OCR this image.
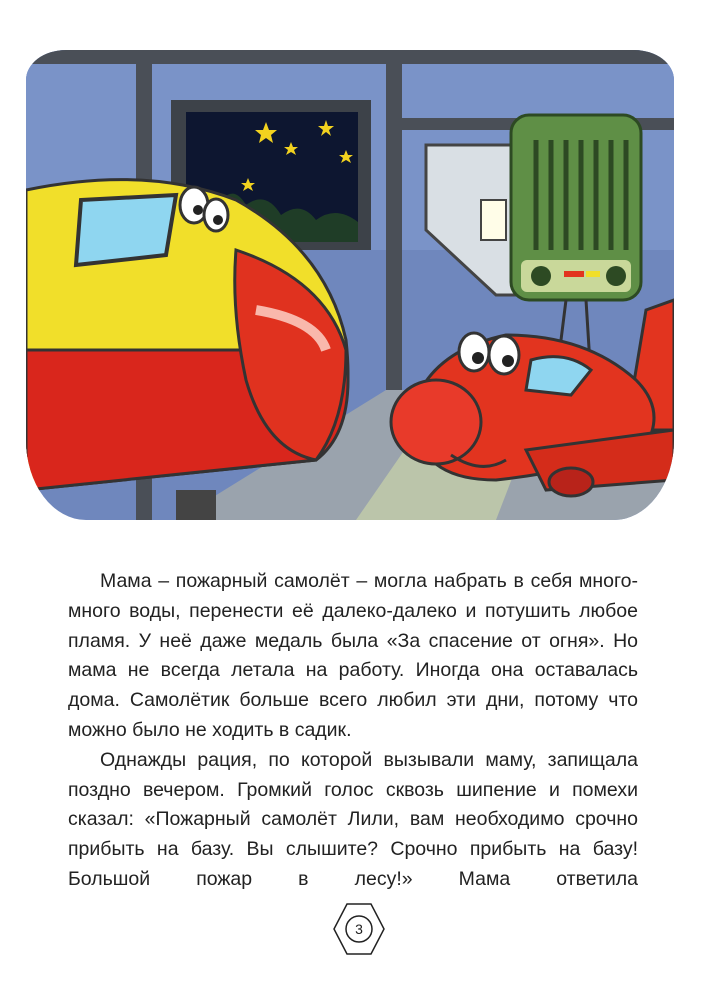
Мама – пожарный самолёт – могла набрать в себя много-много воды, перенести её далеко-далеко и потушить любое пламя. У неё даже медаль была «За спасение от огня». Но мама не всегда летала на работу. Иногда она оставалась дома. Самолётик больше всего любил эти дни, потому что можно было не ходить в садик.

Однажды рация, по которой вызывали маму, запищала поздно вечером. Громкий голос сквозь шипение и помехи сказал: «Пожарный самолёт Лили, вам необходимо срочно прибыть на базу. Вы слышите? Срочно прибыть на базу! Большой пожар в лесу!» Мама ответила

3
